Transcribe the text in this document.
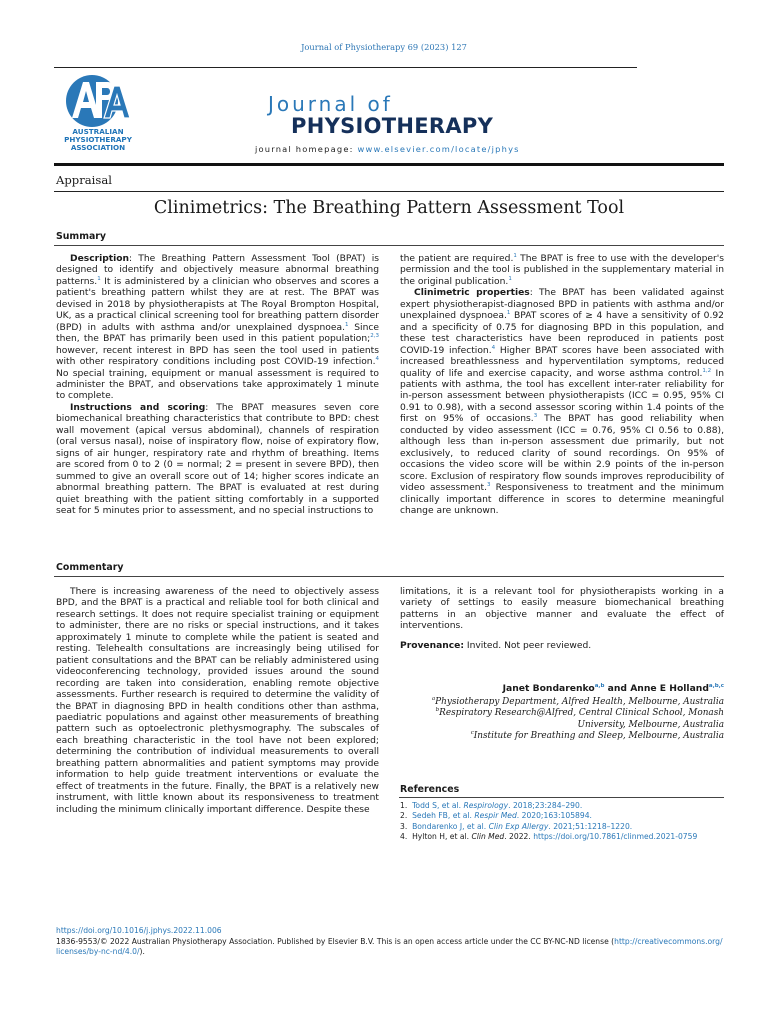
Journal of Physiotherapy 69 (2023) 127
AUSTRALIAN
PHYSIOTHERAPY
ASSOCIATION
Journal of
PHYSIOTHERAPY
journal homepage: www.elsevier.com/locate/jphys
Appraisal
Clinimetrics: The Breathing Pattern Assessment Tool
Summary

Description: The Breathing Pattern Assessment Tool (BPAT) is designed to identify and objectively measure abnormal breathing patterns.$^1$ It is administered by a clinician who observes and scores a patient's breathing pattern whilst they are at rest. The BPAT was devised in 2018 by physiotherapists at The Royal Brompton Hospital, UK, as a practical clinical screening tool for breathing pattern disorder (BPD) in adults with asthma and/or unexplained dyspnoea.$^1$ Since then, the BPAT has primarily been used in this patient population;$^{2,3}$ however, recent interest in BPD has seen the tool used in patients with other respiratory conditions including post COVID-19 infection.$^4$ No special training, equipment or manual assessment is required to administer the BPAT, and observations take approximately 1 minute to complete.

Instructions and scoring: The BPAT measures seven core biomechanical breathing characteristics that contribute to BPD: chest wall movement (apical versus abdominal), channels of respiration (oral versus nasal), noise of inspiratory flow, noise of expiratory flow, signs of air hunger, respiratory rate and rhythm of breathing. Items are scored from 0 to 2 (0 = normal; 2 = present in severe BPD), then summed to give an overall score out of 14; higher scores indicate an abnormal breathing pattern. The BPAT is evaluated at rest during quiet breathing with the patient sitting comfortably in a supported seat for 5 minutes prior to assessment, and no special instructions to

the patient are required.$^1$ The BPAT is free to use with the developer's permission and the tool is published in the supplementary material in the original publication.$^1$

Clinimetric properties: The BPAT has been validated against expert physiotherapist-diagnosed BPD in patients with asthma and/or unexplained dyspnoea.$^1$ BPAT scores of ≥ 4 have a sensitivity of 0.92 and a specificity of 0.75 for diagnosing BPD in this population, and these test characteristics have been reproduced in patients post COVID-19 infection.$^4$ Higher BPAT scores have been associated with increased breathlessness and hyperventilation symptoms, reduced quality of life and exercise capacity, and worse asthma control.$^{1,2}$ In patients with asthma, the tool has excellent inter-rater reliability for in-person assessment between physiotherapists (ICC = 0.95, 95% CI 0.91 to 0.98), with a second assessor scoring within 1.4 points of the first on 95% of occasions.$^3$ The BPAT has good reliability when conducted by video assessment (ICC = 0.76, 95% CI 0.56 to 0.88), although less than in-person assessment due primarily, but not exclusively, to reduced clarity of sound recordings. On 95% of occasions the video score will be within 2.9 points of the in-person score. Exclusion of respiratory flow sounds improves reproducibility of video assessment.$^3$ Responsiveness to treatment and the minimum clinically important difference in scores to determine meaningful change are unknown.

Commentary

There is increasing awareness of the need to objectively assess BPD, and the BPAT is a practical and reliable tool for both clinical and research settings. It does not require specialist training or equipment to administer, there are no risks or special instructions, and it takes approximately 1 minute to complete while the patient is seated and resting. Telehealth consultations are increasingly being utilised for patient consultations and the BPAT can be reliably administered using videoconferencing technology, provided issues around the sound recording are taken into consideration, enabling remote objective assessments. Further research is required to determine the validity of the BPAT in diagnosing BPD in health conditions other than asthma, paediatric populations and against other measurements of breathing pattern such as optoelectronic plethysmography. The subscales of each breathing characteristic in the tool have not been explored; determining the contribution of individual measurements to overall breathing pattern abnormalities and patient symptoms may provide information to help guide treatment interventions or evaluate the effect of treatments in the future. Finally, the BPAT is a relatively new instrument, with little known about its responsiveness to treatment including the minimum clinically important difference. Despite these

limitations, it is a relevant tool for physiotherapists working in a variety of settings to easily measure biomechanical breathing patterns in an objective manner and evaluate the effect of interventions.

Provenance: Invited. Not peer reviewed.
Janet Bondarenko$^{a,b}$ and Anne E Holland$^{a,b,c}$
$^a$Physiotherapy Department, Alfred Health, Melbourne, Australia
$^b$Respiratory Research@Alfred, Central Clinical School, Monash
University, Melbourne, Australia
$^c$Institute for Breathing and Sleep, Melbourne, Australia
References
1. Todd S, et al. Respirology. 2018;23:284–290.
2. Sedeh FB, et al. Respir Med. 2020;163:105894.
3. Bondarenko J, et al. Clin Exp Allergy. 2021;51:1218–1220.
4. Hylton H, et al. Clin Med. 2022. https://doi.org/10.7861/clinmed.2021-0759
https://doi.org/10.1016/j.jphys.2022.11.006
1836-9553/© 2022 Australian Physiotherapy Association. Published by Elsevier B.V. This is an open access article under the CC BY-NC-ND license (http://creativecommons.org/
licenses/by-nc-nd/4.0/).
